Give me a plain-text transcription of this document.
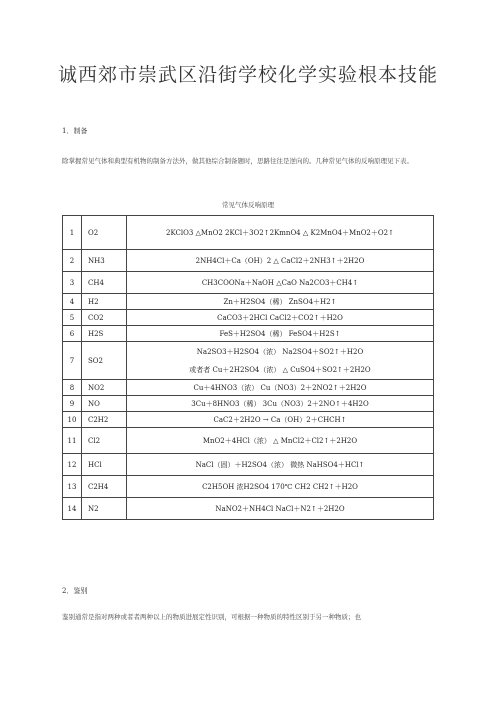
诚西郊市崇武区沿街学校化学实验根本技能
1．制备
除掌握常见气体和典型有机物的制备方法外，做其他综合制备题时，思路往往是逆向的。几种常见气体的反响原理见下表。
常见气体反响原理
1	O2	2KClO3 △MnO2 2KCl＋3O2↑2KmnO4 △ K2MnO4＋MnO2＋O2↑

2	NH3	2NH4Cl＋Ca（OH）2 △ CaCl2＋2NH3↑＋2H2O

3	CH4	CH3COONa＋NaOH △CaO Na2CO3＋CH4↑

4	H2	Zn＋H2SO4（稀） ZnSO4＋H2↑

5	CO2	CaCO3＋2HCl CaCl2＋CO2↑＋H2O

6	H2S	FeS＋H2SO4（稀） FeSO4＋H2S↑

7	SO2	Na2SO3＋H2SO4（浓） Na2SO4＋SO2↑＋H2O
或者者 Cu＋2H2SO4（浓） △ CuSO4＋SO2↑＋2H2O

8	NO2	Cu＋4HNO3（浓） Cu（NO3）2＋2NO2↑＋2H2O

9	NO	3Cu＋8HNO3（稀） 3Cu（NO3）2＋2NO↑＋4H2O

10	C2H2	CaC2＋2H2O → Ca（OH）2＋CHCH↑

11	Cl2	MnO2＋4HCl（浓） △ MnCl2＋Cl2↑＋2H2O

12	HCl	NaCl（固）＋H2SO4（浓） 微热 NaHSO4＋HCl↑

13	C2H4	C2H5OH 浓H2SO4 170℃ CH2 CH2↑＋H2O

14	N2	NaNO2＋NH4Cl NaCl＋N2↑＋2H2O
2．鉴别
鉴别通常是指对两种或者者两种以上的物质进展定性识别，可根据一种物质的特性区别于另一种物质；也
